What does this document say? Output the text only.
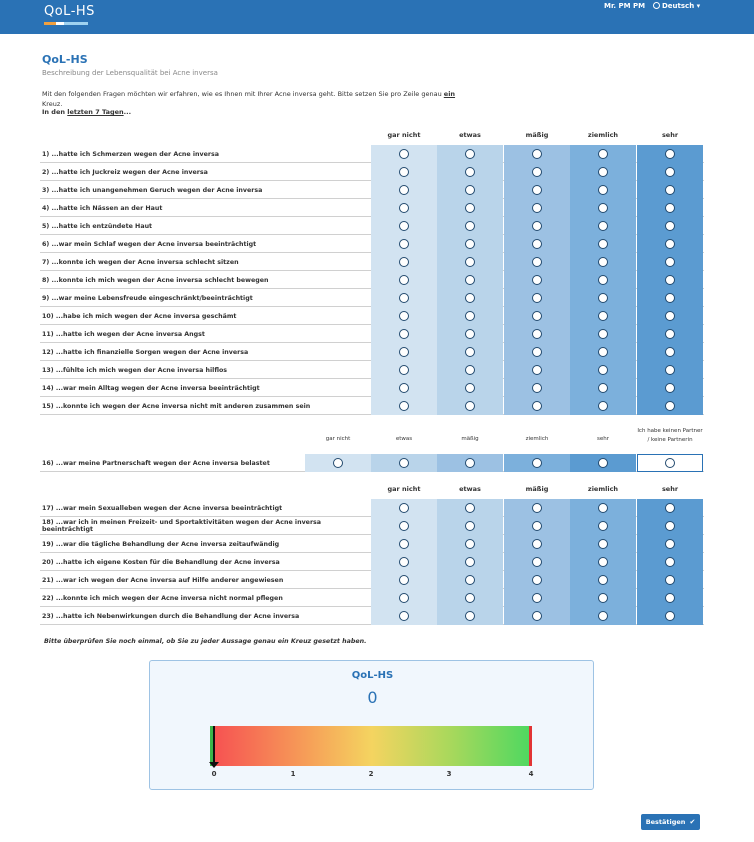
QoL-HS	Mr. PM PM	Deutsch ▾
QoL-HS
Beschreibung der Lebensqualität bei Acne inversa
Mit den folgenden Fragen möchten wir erfahren, wie es Ihnen mit Ihrer Acne inversa geht. Bitte setzen Sie pro Zeile genau ein
Kreuz.
In den letzten 7 Tagen...
gar nicht	etwas	mäßig	ziemlich	sehr
1) ...hatte ich Schmerzen wegen der Acne inversa
2) ...hatte ich Juckreiz wegen der Acne inversa
3) ...hatte ich unangenehmen Geruch wegen der Acne inversa
4) ...hatte ich Nässen an der Haut
5) ...hatte ich entzündete Haut
6) ...war mein Schlaf wegen der Acne inversa beeinträchtigt
7) ...konnte ich wegen der Acne inversa schlecht sitzen
8) ...konnte ich mich wegen der Acne inversa schlecht bewegen
9) ...war meine Lebensfreude eingeschränkt/beeinträchtigt
10) ...habe ich mich wegen der Acne inversa geschämt
11) ...hatte ich wegen der Acne inversa Angst
12) ...hatte ich finanzielle Sorgen wegen der Acne inversa
13) ...fühlte ich mich wegen der Acne inversa hilflos
14) ...war mein Alltag wegen der Acne inversa beeinträchtigt
15) ...konnte ich wegen der Acne inversa nicht mit anderen zusammen sein
gar nicht	etwas	mäßig	ziemlich	sehr
Ich habe keinen Partner / keine Partnerin
16) ...war meine Partnerschaft wegen der Acne inversa belastet
gar nicht	etwas	mäßig	ziemlich	sehr
17) ...war mein Sexualleben wegen der Acne inversa beeinträchtigt
18) ...war ich in meinen Freizeit- und Sportaktivitäten wegen der Acne inversa beeinträchtigt
19) ...war die tägliche Behandlung der Acne inversa zeitaufwändig
20) ...hatte ich eigene Kosten für die Behandlung der Acne inversa
21) ...war ich wegen der Acne inversa auf Hilfe anderer angewiesen
22) ...konnte ich mich wegen der Acne inversa nicht normal pflegen
23) ...hatte ich Nebenwirkungen durch die Behandlung der Acne inversa
Bitte überprüfen Sie noch einmal, ob Sie zu jeder Aussage genau ein Kreuz gesetzt haben.
QoL-HS
0
0	1	2	3	4
Bestätigen ✔
